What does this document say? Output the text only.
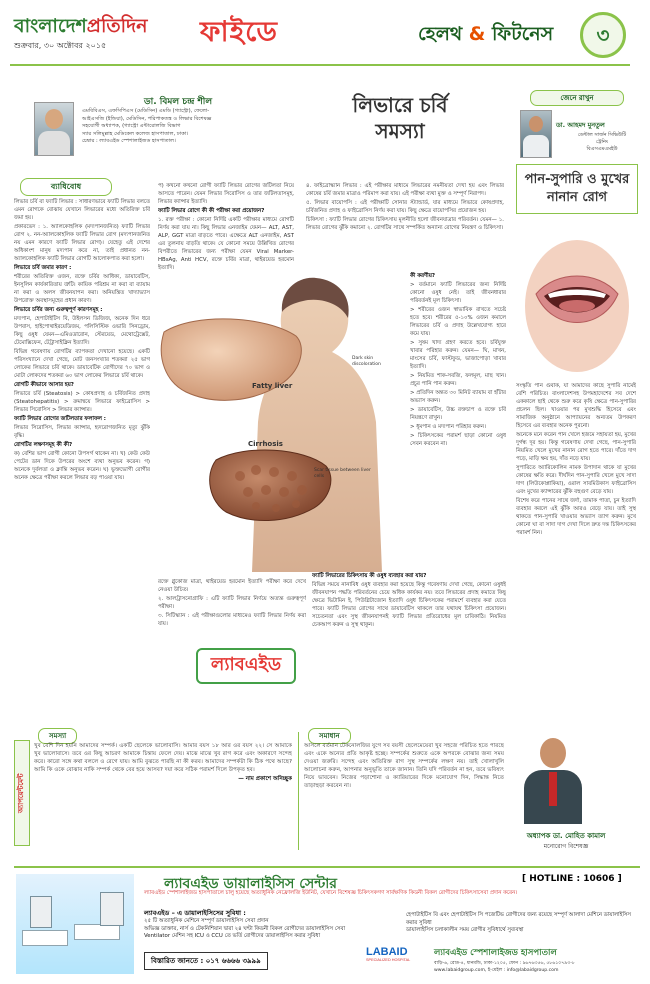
বাংলাদেশপ্রতিদিন
শুক্রবার, ৩০ অক্টোবর ২০১৫	ফাইডে	হেলথ & ফিটনেস	৩
ডা. বিমল চন্দ্র শীল
এমবিবিএস, এফসিপিএস (মেডিসিন) এমডি (গ্যাস্ট্রো), ফেলো-
আইএসজি (ইন্ডিয়া), মেডিসিন, পরিপাকতন্ত্র ও লিভার বিশেষজ্ঞ
সহযোগী অধ্যাপক, (গ্যাস্ট্রো এন্টারোলজি বিভাগ
স্যার সলিমুল্লাহ মেডিকেল কলেজ হাসপাতাল, ঢাকা।
চেম্বার : ল্যাবএইড স্পেশালাইজড হাসপাতাল।
লিভারে চর্বি
সমস্যা
ব্যাধিবোধ

লিভার চর্বি বা ফ্যাটি লিভার : সাধারণভাবে ফ্যাটি লিভার বলতে এমন রোগকে বোঝায় যেখানে লিভারের মধ্যে অতিরিক্ত চর্বি জমা হয়।

প্রকারভেদ : ১. অ্যালকোহলিক (মদ্যপানজনিত) ফ্যাটি লিভার রোগ ২. নন-অ্যালকোহলিক ফ্যাটি লিভার রোগ (মদ্যপানজনিত নয় এমন কারণে ফ্যাটি লিভার রোগ)। যেহেতু এই দেশের অধিকাংশ মানুষ মদ্যপান করে না, তাই প্রধানত নন-অ্যালকোহলিক ফ্যাটি লিভার রোগটি আলোকপাত করা হলো।

লিভারে চর্বি জমার কারণ :

শরীরের অতিরিক্ত ওজন, রক্তে চর্বির আধিক্য, ডায়াবেটিস, ইনসুলিন কার্যকারিতায় ত্রুটি। কায়িক পরিশ্রম না করা বা ব্যায়াম না করা ও অলস জীবনযাপন করা। অনিয়ন্ত্রিত খাদ্যাভ্যাস উপরোক্ত অবস্থাসমূহের প্রধান কারণ।

লিভারে চর্বির জন্য গুরুত্বপূর্ণ কারণসমূহ :

মদ্যপান, হেপাটাইটিস বি, উইলসন ডিজিজ, অনেক দিন ধরে উপবাস, হাইপোথাইরয়েডিজম, পলিসিস্টিক ওভারি সিনড্রোম, কিছু ওষুধ যেমন—এমিওডারোন, স্টেরয়েড, মেথোট্রেক্সেট, টেমোক্সিফেন, টেট্রাসাইক্লিন ইত্যাদি।

বিভিন্ন গবেষণায় রোগটির ব্যাপকতা দেখানো হয়েছে। একটি পরিসংখ্যানে দেখা গেছে, মোট জনসংখ্যার শতকরা ২৫ ভাগ লোকের লিভারে চর্বি থাকে। ডায়াবেটিক রোগীদের ৭০ ভাগ ও মোটা লোকদের শতকরা ৬০ ভাগ লোকের লিভারে চর্বি থাকে।

রোগটি কীভাবে আসার হয়?

লিভারে চর্বি (Steatosis) > কোষপ্রদাহ ও চর্বিজনিত প্রদাহ (Steatohepatitis) > ক্রমান্বয়ে লিভারে ফাইব্রোসিস > লিভার সিরোসিস > লিভার ক্যান্সার।

ফ্যাটি লিভার রোগের জটিলতার ফলাফল :

লিভার সিরোসিস, লিভার ক্যান্সার, হৃদরোগজনিত মৃত্যু ঝুঁকি বৃদ্ধি।

রোগটির লক্ষণসমূহ কী কী?

ক) বেশির ভাগ রোগী কোনো উপসর্গ থাকেন না। খ) কেউ কেউ পেটের ডান দিকে উপরের অংশে ব্যথা অনুভব করেন। গ) অনেকে দুর্বলতা ও ক্লান্তি অনুভব করেন। ঘ) ভুক্তভোগী রোগীর অনেক ক্ষেত্রে পরীক্ষা করলে লিভার বড় পাওয়া যায়।

প) কখনো কখনো রোগী ফ্যাটি লিভার রোগের জটিলতা নিয়ে আসতে পারেন। যেমন লিভার সিরোসিস ও তার জটিলতাসমূহ, লিভার ক্যান্সার ইত্যাদি।

ফ্যাটি লিভার রোগে কী কী পরীক্ষা করা প্রয়োজন?

১. রক্ত পরীক্ষা : কোনো নির্দিষ্ট একটি পরীক্ষার মাধ্যমে রোগটি নির্ণয় করা যায় না। কিছু লিভার এনজাইম যেমন— ALT, AST, ALP, GGT মাত্রা বাড়তে পারে। এক্ষেত্রে ALT এনজাইম, AST এর তুলনায় বাড়তি থাকে। যে কোনো সময়ে উল্লিখিত রোগের বিপরীতে লিভারের জন্য পরীক্ষা যেমন Viral Marker- HBsAg, Anti HCV, রক্তে চর্বির মাত্রা, থাইরয়েড হরমোন ইত্যাদি।

৪. ফাইব্রোস্ক্যান লিভার : এই পরীক্ষার মাধ্যমে লিভারের নমনীয়তা দেখা হয় এবং লিভার কোষের চর্বি জমার মাত্রাও পরিমাপ করা যায়। এই পরীক্ষা ব্যথা মুক্ত ও সম্পূর্ণ নিরাপদ।

৫. লিভার বায়োপসি : এই পরীক্ষাটি সোনার স্ট্যান্ডার্ড, যার মাধ্যমে লিভারে কোষপ্রদাহ, চর্বিজনিত প্রদাহ ও ফাইব্রোসিস নির্ণয় করা যায়। কিছু ক্ষেত্রে বায়োপসির প্রয়োজন হয়।

চিকিৎসা : ফ্যাটি লিভার রোগের চিকিৎসায় মূলনীতি হলো জীবনযাত্রার পরিবর্তন। যেমন— ১. লিভার রোগের ঝুঁকি কমানো ২. রোগটির সাথে সম্পর্কিত অন্যান্য রোগের নিয়ন্ত্রণ ও চিকিৎসা।

Fatty liver
Cirrhosis
Dark skin discoloration
Scar tissue between liver cells

কী করণীয়?

> বর্তমানে ফ্যাটি লিভারের জন্য নির্দিষ্ট কোনো ওষুধ নেই। তাই জীবনধারার পরিবর্তনই মূল চিকিৎসা।

> শরীরের ওজন স্বাভাবিক রাখতে সচেষ্ট হতে হবে। শরীরের ৫-১০% ওজন কমালে লিভারের চর্বি ও প্রদাহ উল্লেখযোগ্য হারে কমে যায়।

> সুষম খাদ্য গ্রহণ করতে হবে। চর্বিযুক্ত খাবার পরিহার করুন। যেমন— ঘি, মাখন, মাংসের চর্বি, ফাস্টফুড, ভাজাপোড়া খাবার ইত্যাদি।

> নিয়মিত শাক-সবজি, ফলমূল, মাছ খান। প্রচুর পানি পান করুন।

> প্রতিদিন অন্তত ৩০ মিনিট ব্যায়াম বা হাঁটার অভ্যাস করুন।

> ডায়াবেটিস, উচ্চ রক্তচাপ ও রক্তে চর্বি নিয়ন্ত্রণে রাখুন।

> ধূমপান ও মদ্যপান পরিহার করুন।

> চিকিৎসকের পরামর্শ ছাড়া কোনো ওষুধ সেবন করবেন না।

রক্তে গ্লুকোজ মাত্রা, থাইরয়েড হরমোন ইত্যাদি পরীক্ষা করে দেখে নেওয়া উচিত।

২. আলট্রাসনোগ্রাফি : এটি ফ্যাটি লিভার নির্ণয়ে অত্যন্ত গুরুত্বপূর্ণ পরীক্ষা।

৩. সিটিস্ক্যান : এই পরীক্ষাগুলোর মাধ্যমেও ফ্যাটি লিভার নির্ণয় করা যায়।

ফ্যাটি লিভারের চিকিৎসায় কী ওষুধ ব্যবহার করা যায়?

বিভিন্ন সময়ে নানাবিধ ওষুধ ব্যবহার করা হয়েছে কিন্তু গবেষণায় দেখা গেছে, কোনো ওষুধই জীবনযাপন পদ্ধতি পরিবর্তনের চেয়ে অধিক কার্যকর নয়। তবে লিভারের প্রদাহ কমাতে কিছু ক্ষেত্রে ভিটামিন ই, পিউগ্লিটাজোন ইত্যাদি ওষুধ চিকিৎসকের পরামর্শে ব্যবহার করা যেতে পারে। ফ্যাটি লিভার রোগের সাথে ডায়াবেটিস থাকলে তার যথাযথ চিকিৎসা প্রয়োজন। সচেতনতা এবং সুস্থ জীবনযাপনই ফ্যাটি লিভার প্রতিরোধের মূল চাবিকাঠি। নিয়মিত চেকআপ করুন ও সুস্থ থাকুন।

ল্যাবএইড
জেনে রাখুন
ডা. আহমদ মুনতুল
ডেন্টাল সার্জন সিভিউটি
ট্রেনিং
বিএসএমএমইউ
পান-সুপারি ও মুখের নানান রোগ

সংস্কৃতি পান গুবাক, যা আমাদের কাছে সুপারি নামেই বেশি পরিচিত। বাংলাদেশসহ উপমহাদেশের সব দেশে এককালে ছাই থেকে শুরু করে কৃষি ক্ষেত্রে পান-সুপারির প্রচলন ছিল। খাওয়ার পর মুখশুদ্ধি হিসেবে এবং সামাজিক অনুষ্ঠানে আপ্যায়নের অন্যতম উপকরণ হিসেবে এর ব্যবহার অনেক পুরনো।

অনেকে মনে করেন পান খেলে হজমে সহায়তা হয়, মুখের দুর্গন্ধ দূর হয়। কিন্তু গবেষণায় দেখা গেছে, পান-সুপারি নিয়মিত খেলে মুখের নানান রোগ হতে পারে। দাঁতে দাগ পড়ে, মাড়ি ক্ষয় হয়, দাঁত নড়ে যায়।

সুপারিতে অ্যারিকোলিন নামক উপাদান থাকে যা মুখের কোষের ক্ষতি করে। দীর্ঘদিন পান-সুপারি খেলে মুখে সাদা দাগ (লিউকোপ্লাকিয়া), ওরাল সাবমিউকাস ফাইব্রোসিস এবং মুখের ক্যান্সারের ঝুঁকি বহুগুণ বেড়ে যায়।

বিশেষ করে পানের সাথে জর্দা, তামাক পাতা, চুন ইত্যাদি ব্যবহার করলে এই ঝুঁকি আরও বেড়ে যায়। তাই সুস্থ থাকতে পান-সুপারি খাওয়ার অভ্যাস ত্যাগ করুন। মুখে কোনো ঘা বা সাদা দাগ দেখা দিলে দ্রুত দন্ত চিকিৎসকের পরামর্শ নিন।

অ্যাপয়েন্টমেন্ট
সমস্যা

খুব বেশি দিন হয়নি আমাদের সম্পর্ক। একটি ছেলেকে ভালোবাসি। আমার বয়স ১৮ আর ওর বয়স ২২। সে আমাকে খুব ভালোবাসে। তবে ওর কিছু আচরণ আমাকে চিন্তায় ফেলে দেয়। মাঝে মাঝে খুব রাগ করে এবং অকারণে সন্দেহ করে। কারো সঙ্গে কথা বললে ও রেগে যায়। আমি বুঝতে পারছি না কী করব। আমাদের সম্পর্কটা কি ঠিক পথে আছে? আমি কি ওকে বোঝাব নাকি সম্পর্ক থেকে বের হয়ে আসব? দয়া করে সঠিক পরামর্শ দিলে উপকৃত হব।

— নাম প্রকাশে অনিচ্ছুক

সমাধান
আসলে বর্তমান টেকনোলজির যুগে সব বয়সী ছেলেমেয়েরা খুব সহজে পরিচিত হতে পারছে এবং একে অন্যের প্রতি আকৃষ্ট হচ্ছে। সম্পর্কের শুরুতে একে অপরকে বোঝার জন্য সময় দেওয়া জরুরি। সন্দেহ এবং অতিরিক্ত রাগ সুস্থ সম্পর্কের লক্ষণ নয়। তাই খোলাখুলি আলোচনা করুন, আপনার অনুভূতি তাকে জানান। তিনি যদি পরিবর্তন না হন, তবে ভবিষ্যৎ নিয়ে ভাববেন। নিজের পড়াশোনা ও ক্যারিয়ারের দিকে মনোযোগ দিন, সিদ্ধান্ত নিতে তাড়াহুড়া করবেন না।
অধ্যাপক ডা. মোহিত কামাল
মনোরোগ বিশেষজ্ঞ
[ HOTLINE : 10606 ]
ল্যাবএইড ডায়ালাইসিস সেন্টার
ল্যাবএইড স্পেশালাইজড হাসপাতালে চালু হয়েছে অত্যাধুনিক নেফ্রোলজি ইউনিট, যেখানে বিশেষজ্ঞ চিকিৎসকগণ সার্বক্ষণিক কিডনী বিকল রোগীদের চিকিৎসাসেবা প্রদান করেন।
ল্যাবএইড – এ ডায়ালাইসিসের সুবিধা :
২৫ টি অত্যাধুনিক মেশিনে সম্পূর্ণ ডায়ালাইসিস সেবা প্রদান
অভিজ্ঞ ডাক্তার, নার্স ও টেকনিশিয়ান দ্বারা ২৪ ঘণ্টা কিডনী বিকল রোগীদের ডায়ালাইসিস সেবা
Ventilator মেশিন সহ ICU ও CCU তে ভর্তি রোগীদের ডায়ালাইসিস করার সুবিধা
হেপাটাইটিস বি এবং হেপাটাইটিস সি পজেটিভ রোগীদের জন্য রয়েছে সম্পূর্ণ আলাদা মেশিনে ডায়ালাইসিস করার সুবিধা
ডায়ালাইসিস চলাকালীন সময় রোগীর সুবিধার্থে সুব্যবস্থা
বিস্তারিত জানতে : ০১৭ ৬৬৬৬ ৩৯৯৯
LABAID
SPECIALIZED HOSPITAL
ল্যাবএইড স্পেশালাইজড হাসপাতাল
বাড়ি-৬, রোড-৪, ধানমন্ডি, ঢাকা-১২০৫, ফোন : ৯৬৭৬৩৫৬, ৫৮৬১০৭৯৩-৮
www.labaidgroup.com, ই-মেইল : info@labaidgroup.com
